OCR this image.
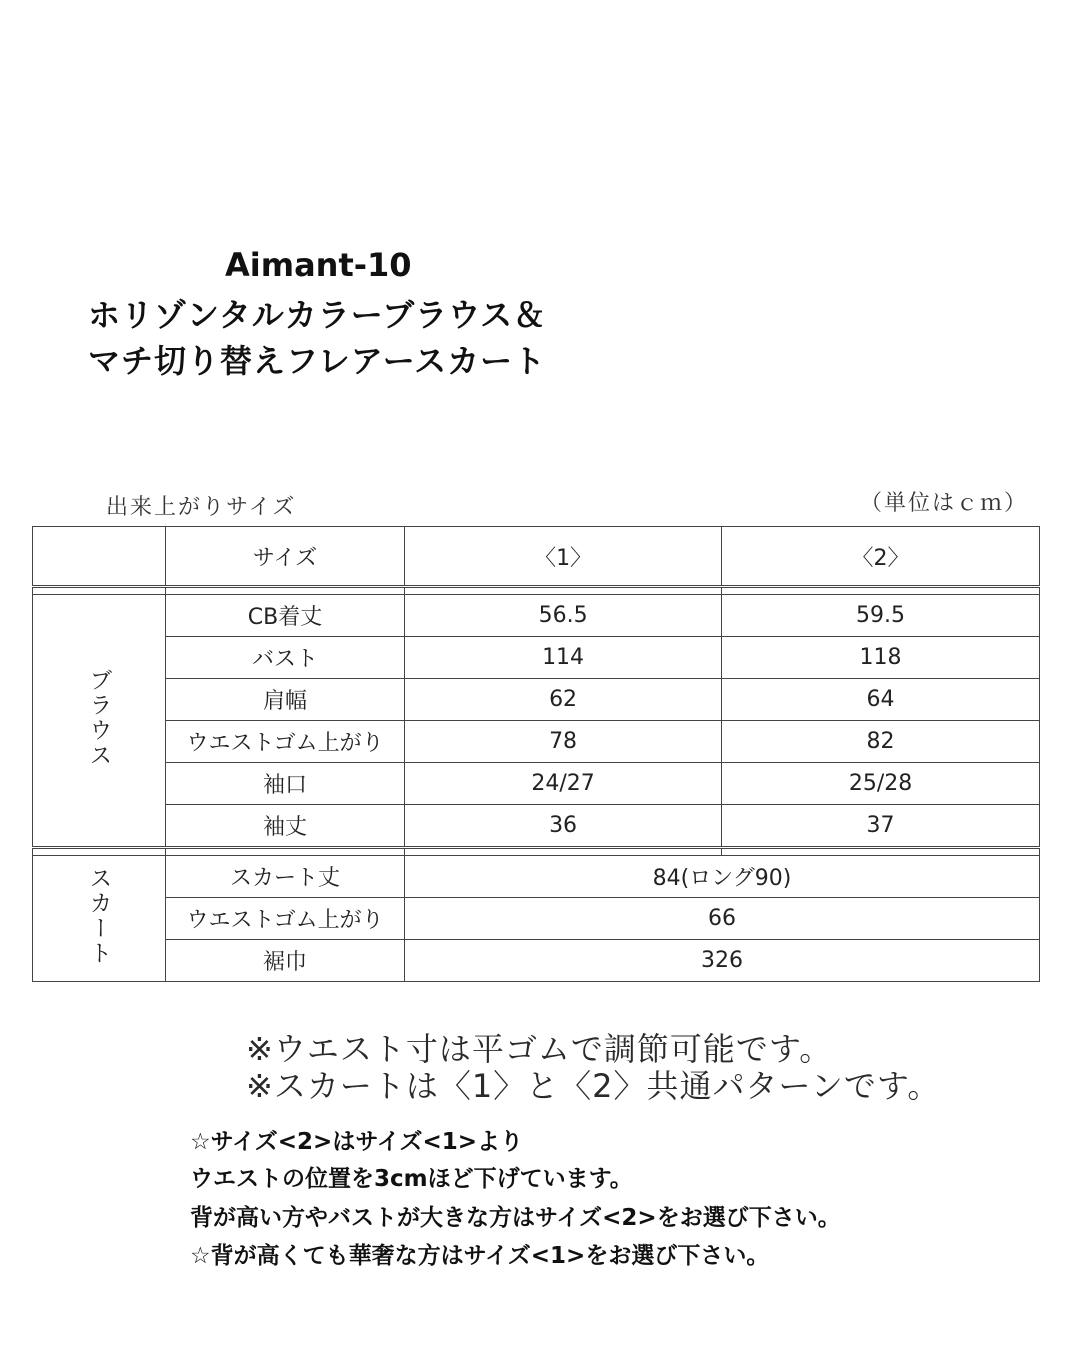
Aimant-10
ホリゾンタルカラーブラウス＆
マチ切り替えフレアースカート
出来上がりサイズ	（単位はｃｍ）
	サイズ	〈1〉	〈2〉

ブラウス	CB着丈	56.5	59.5
	バスト	114	118
	肩幅	62	64
	ウエストゴム上がり	78	82
	袖口	24/27	25/28
	袖丈	36	37

スカート	スカート丈	84(ロング90)	
	ウエストゴム上がり	66	
	裾巾	326	
※ウエスト寸は平ゴムで調節可能です。
※スカートは〈1〉と〈2〉共通パターンです。
☆サイズ<2>はサイズ<1>より
ウエストの位置を3cmほど下げています。
背が高い方やバストが大きな方はサイズ<2>をお選び下さい。
☆背が高くても華奢な方はサイズ<1>をお選び下さい。
